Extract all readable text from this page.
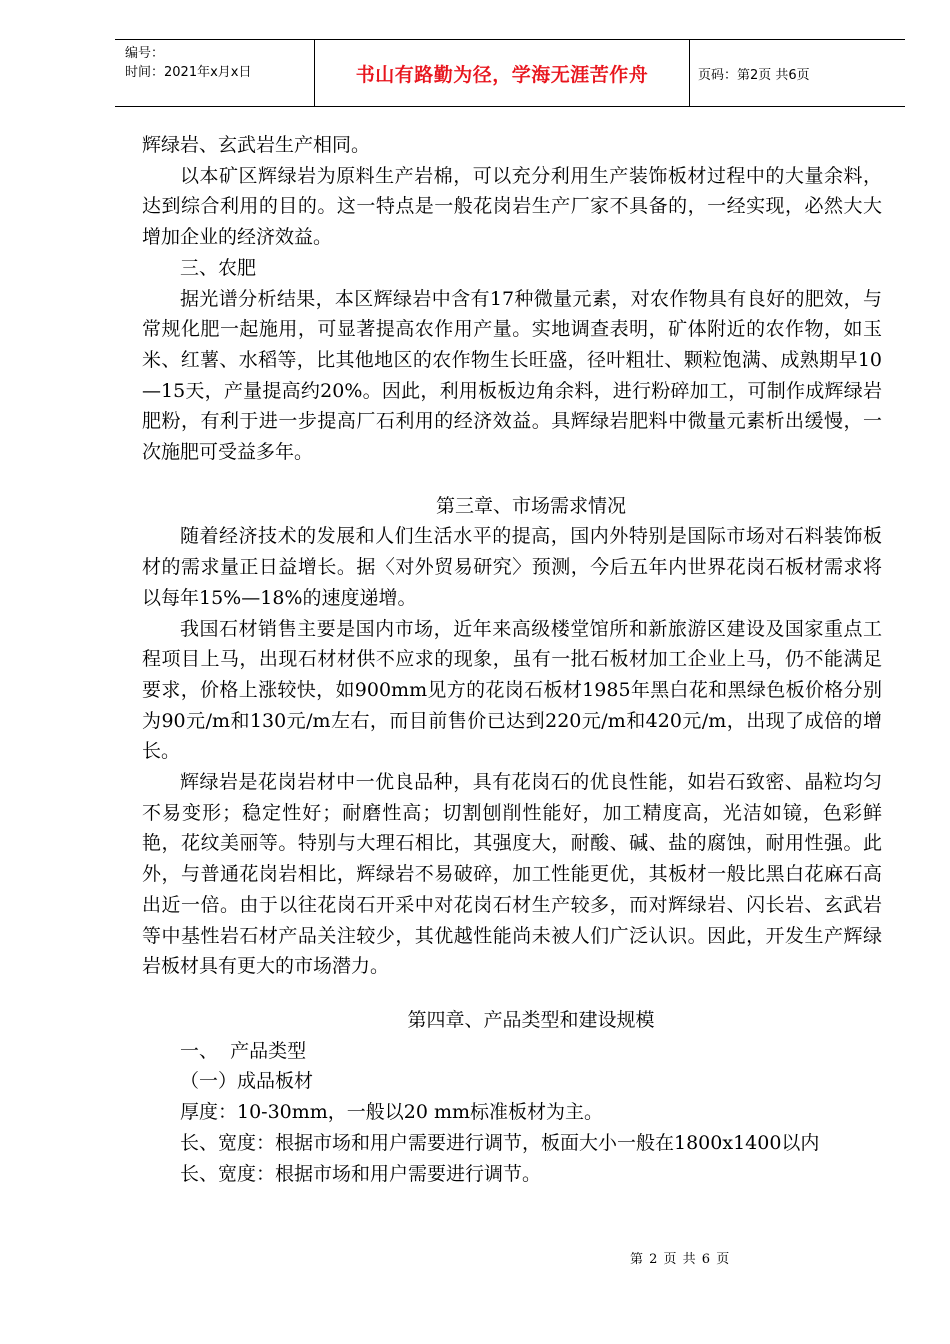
编号：
时间：2021年x月x日	书山有路勤为径，学海无涯苦作舟	页码：第2页 共6页

辉绿岩、玄武岩生产相同。

以本矿区辉绿岩为原料生产岩棉，可以充分利用生产装饰板材过程中的大量余料，达到综合利用的目的。这一特点是一般花岗岩生产厂家不具备的，一经实现，必然大大增加企业的经济效益。

三、农肥

据光谱分析结果，本区辉绿岩中含有17种微量元素，对农作物具有良好的肥效，与常规化肥一起施用，可显著提高农作用产量。实地调查表明，矿体附近的农作物，如玉米、红薯、水稻等，比其他地区的农作物生长旺盛，径叶粗壮、颗粒饱满、成熟期早10—15天，产量提高约20%。因此，利用板板边角余料，进行粉碎加工，可制作成辉绿岩肥粉，有利于进一步提高厂石利用的经济效益。具辉绿岩肥料中微量元素析出缓慢，一次施肥可受益多年。

第三章、市场需求情况

随着经济技术的发展和人们生活水平的提高，国内外特别是国际市场对石料装饰板材的需求量正日益增长。据〈对外贸易研究〉预测，今后五年内世界花岗石板材需求将以每年15%—18%的速度递增。

我国石材销售主要是国内市场，近年来高级楼堂馆所和新旅游区建设及国家重点工程项目上马，出现石材材供不应求的现象，虽有一批石板材加工企业上马，仍不能满足要求，价格上涨较快，如900mm见方的花岗石板材1985年黑白花和黑绿色板价格分别为90元/m和130元/m左右，而目前售价已达到220元/m和420元/m，出现了成倍的增长。

辉绿岩是花岗岩材中一优良品种，具有花岗石的优良性能，如岩石致密、晶粒均匀不易变形；稳定性好；耐磨性高；切割刨削性能好，加工精度高，光洁如镜，色彩鲜艳，花纹美丽等。特别与大理石相比，其强度大，耐酸、碱、盐的腐蚀，耐用性强。此外，与普通花岗岩相比，辉绿岩不易破碎，加工性能更优，其板材一般比黑白花麻石高出近一倍。由于以往花岗石开采中对花岗石材生产较多，而对辉绿岩、闪长岩、玄武岩等中基性岩石材产品关注较少，其优越性能尚未被人们广泛认识。因此，开发生产辉绿岩板材具有更大的市场潜力。

第四章、产品类型和建设规模

一、  产品类型

（一）成品板材

厚度：10-30mm，一般以20 mm标准板材为主。

长、宽度：根据市场和用户需要进行调节，板面大小一般在1800x1400以内

长、宽度：根据市场和用户需要进行调节。

第 2 页 共 6 页
